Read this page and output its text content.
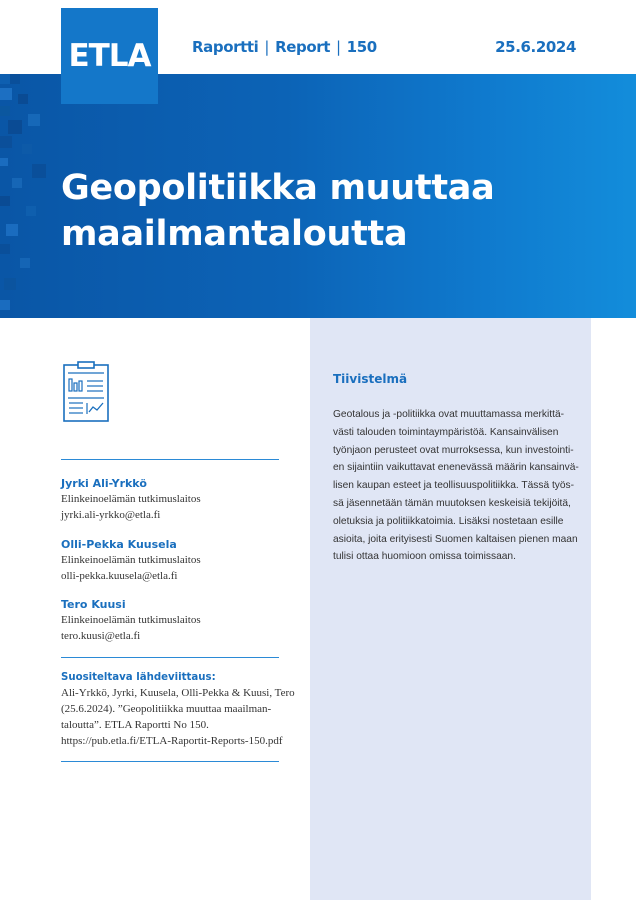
ETLA	Raportti | Report | 150	25.6.2024
Geopolitiikka muuttaa
maailmantaloutta
Jyrki Ali-Yrkkö
Elinkeinoelämän tutkimuslaitos
jyrki.ali-yrkko@etla.fi
Olli-Pekka Kuusela
Elinkeinoelämän tutkimuslaitos
olli-pekka.kuusela@etla.fi
Tero Kuusi
Elinkeinoelämän tutkimuslaitos
tero.kuusi@etla.fi
Suositeltava lähdeviittaus:
Ali-Yrkkö, Jyrki, Kuusela, Olli-Pekka & Kuusi, Tero
(25.6.2024). ”Geopolitiikka muuttaa maailman-
taloutta”. ETLA Raportti No 150.
https://pub.etla.fi/ETLA-Raportit-Reports-150.pdf
Tiivistelmä

Geotalous ja -politiikka ovat muuttamassa merkittä-
västi talouden toimintaympäristöä. Kansainvälisen
työnjaon perusteet ovat murroksessa, kun investointi-
en sijaintiin vaikuttavat enenevässä määrin kansainvä-
lisen kaupan esteet ja teollisuuspolitiikka. Tässä työs-
sä jäsennetään tämän muutoksen keskeisiä tekijöitä,
oletuksia ja politiikkatoimia. Lisäksi nostetaan esille
asioita, joita erityisesti Suomen kaltaisen pienen maan
tulisi ottaa huomioon omissa toimissaan.
